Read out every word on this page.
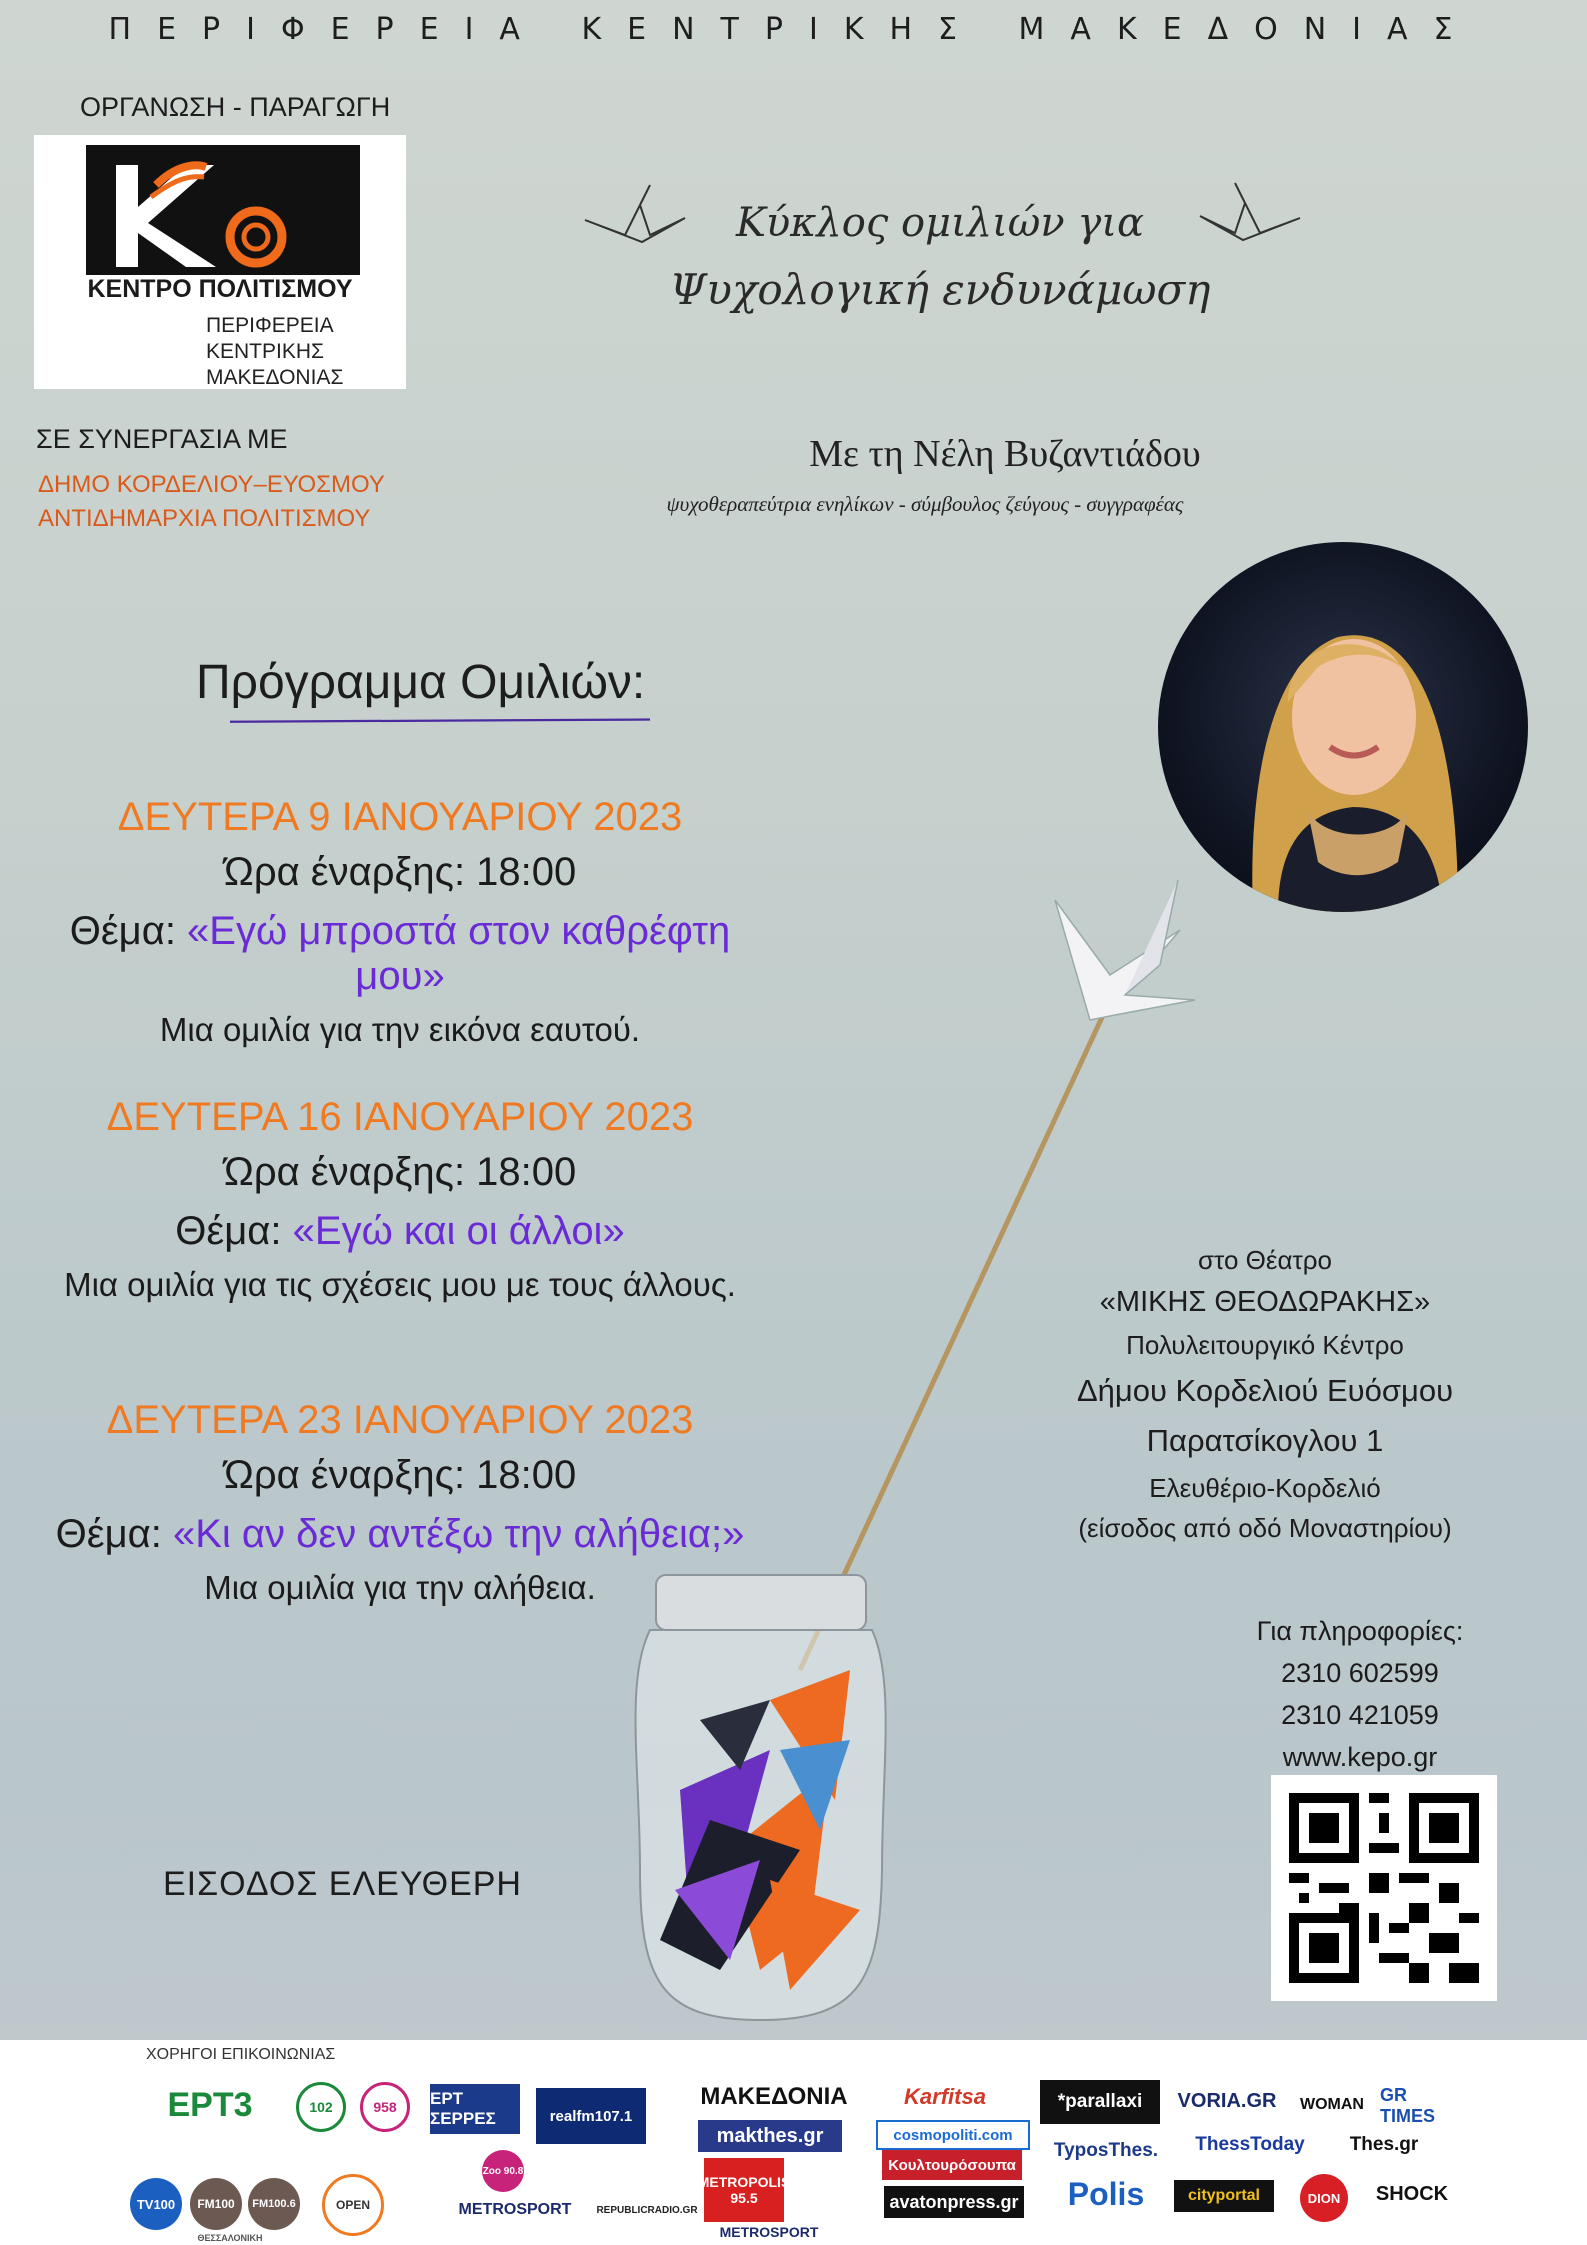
ΠΕΡΙΦΕΡΕΙΑ ΚΕΝΤΡΙΚΗΣ ΜΑΚΕΔΟΝΙΑΣ
ΟΡΓΑΝΩΣΗ - ΠΑΡΑΓΩΓΗ
ΚΕΝΤΡΟ ΠΟΛΙΤΙΣΜΟΥ
ΠΕΡΙΦΕΡΕΙΑ
ΚΕΝΤΡΙΚΗΣ
ΜΑΚΕΔΟΝΙΑΣ
ΣΕ ΣΥΝΕΡΓΑΣΙΑ ΜΕ
ΔΗΜΟ ΚΟΡΔΕΛΙΟΥ–ΕΥΟΣΜΟΥ
ΑΝΤΙΔΗΜΑΡΧΙΑ ΠΟΛΙΤΙΣΜΟΥ
Κύκλος ομιλιών για
Ψυχολογική ενδυνάμωση
Με τη Νέλη Βυζαντιάδου
ψυχοθεραπεύτρια ενηλίκων - σύμβουλος ζεύγους - συγγραφέας
Πρόγραμμα Ομιλιών:
ΔΕΥΤΕΡΑ 9 ΙΑΝΟΥΑΡΙΟΥ 2023
Ώρα έναρξης: 18:00
Θέμα: «Εγώ μπροστά στον καθρέφτη μου»
Μια ομιλία για την εικόνα εαυτού.
ΔΕΥΤΕΡΑ 16 ΙΑΝΟΥΑΡΙΟΥ 2023
Ώρα έναρξης: 18:00
Θέμα: «Εγώ και οι άλλοι»
Μια ομιλία για τις σχέσεις μου με τους άλλους.
ΔΕΥΤΕΡΑ 23 ΙΑΝΟΥΑΡΙΟΥ 2023
Ώρα έναρξης: 18:00
Θέμα: «Κι αν δεν αντέξω την αλήθεια;»
Μια ομιλία για την αλήθεια.
στο Θέατρο
«ΜΙΚΗΣ ΘΕΟΔΩΡΑΚΗΣ»
Πολυλειτουργικό Κέντρο
Δήμου Κορδελιού Ευόσμου
Παρατσίκογλου 1
Ελευθέριο-Κορδελιό
(είσοδος από οδό Μοναστηρίου)
Για πληροφορίες:
2310 602599
2310 421059
www.kepo.gr
ΕΙΣΟΔΟΣ ΕΛΕΥΘΕΡΗ
ΧΟΡΗΓΟΙ ΕΠΙΚΟΙΝΩΝΙΑΣ
ΕΡΤ3	102	958	ΕΡΤ ΣΕΡΡΕΣ	realfm107.1
ΜΑΚΕΔΟΝΙΑ	Karfitsa	*parallaxi	VORIA.GR	WOMAN GR TIMES
makthes.gr	cosmopoliti.com	ThessToday	Thes.gr
TyposThes.
TV100	FM100	FM100.6	OPEN
Zoo 90.8
METROPOLIS 95.5
Κουλτουρόσουπα
Polis	cityportal	DION	SHOCK
METROSPORT	REPUBLICRADIO.GR
METROSPORT
avatonpress.gr
ΘΕΣΣΑΛΟΝΙΚΗ
